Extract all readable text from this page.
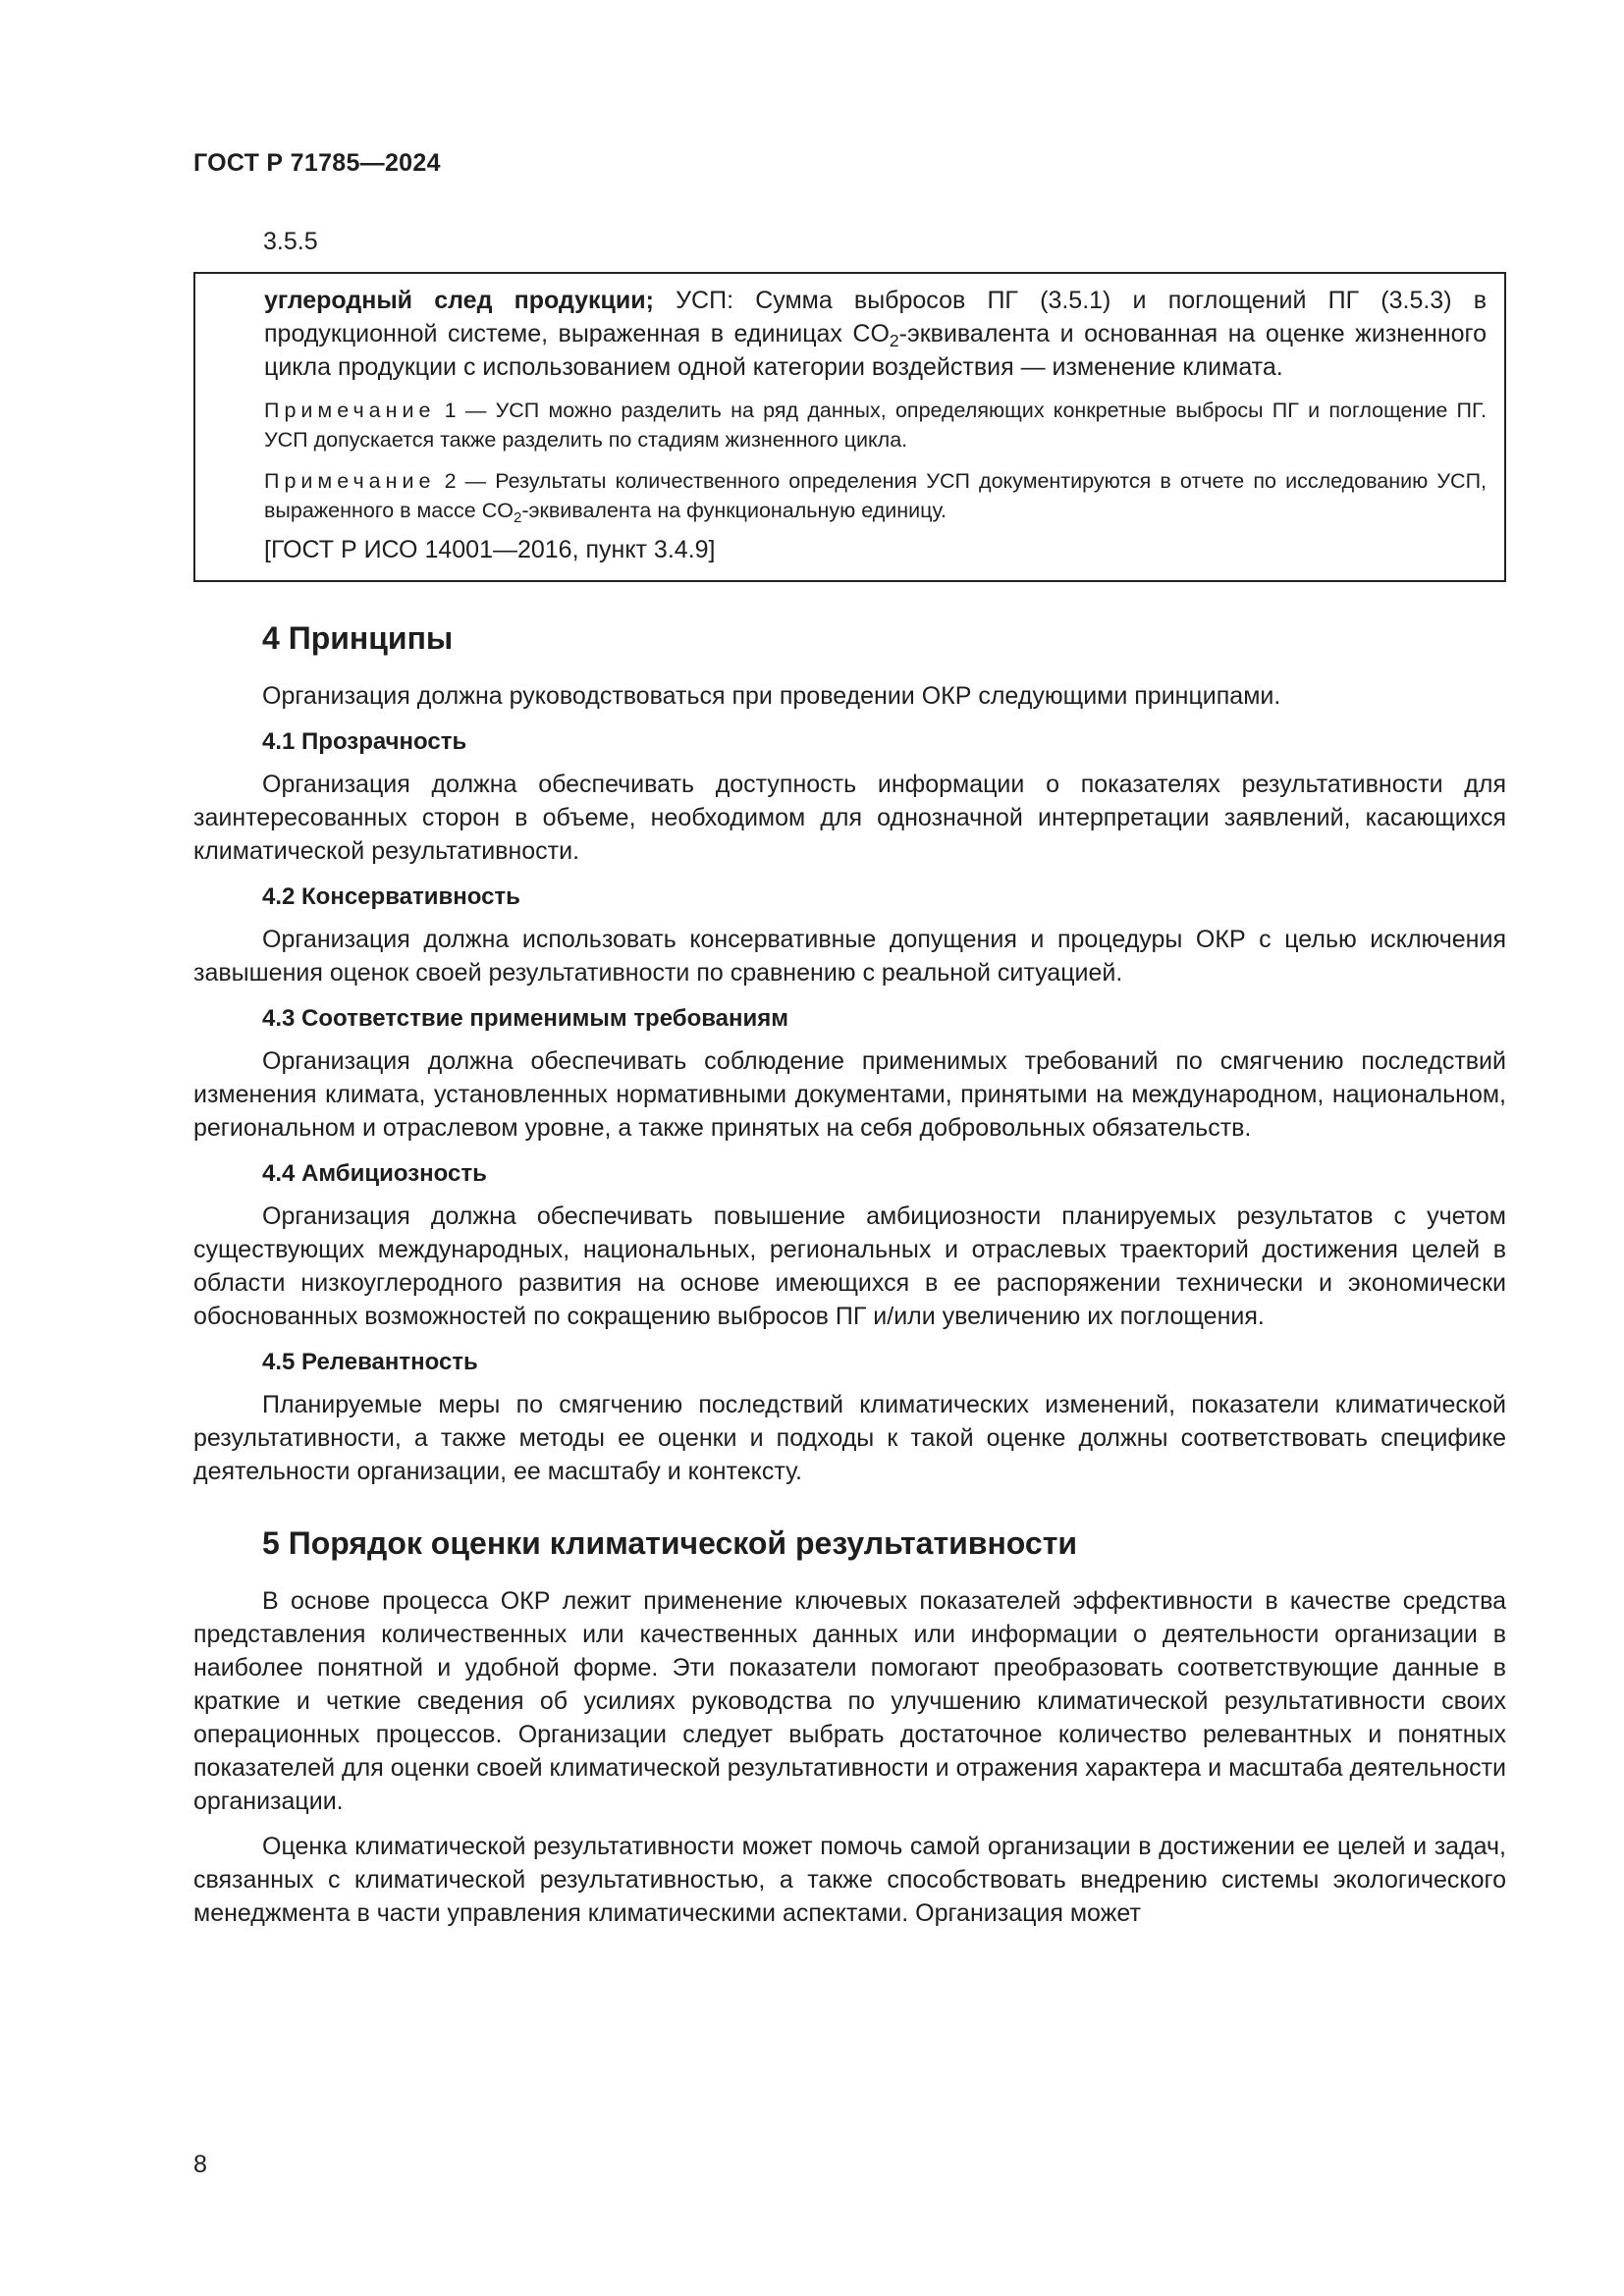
ГОСТ Р 71785—2024
3.5.5

углеродный след продукции; УСП: Сумма выбросов ПГ (3.5.1) и поглощений ПГ (3.5.3) в продукционной системе, выраженная в единицах $CO_2$-эквивалента и основанная на оценке жизненного цикла продукции с использованием одной категории воздействия — изменение климата.

Примечание 1 — УСП можно разделить на ряд данных, определяющих конкретные выбросы ПГ и поглощение ПГ. УСП допускается также разделить по стадиям жизненного цикла.

Примечание 2 — Результаты количественного определения УСП документируются в отчете по исследованию УСП, выраженного в массе $CO_2$-эквивалента на функциональную единицу.

[ГОСТ Р ИСО 14001—2016, пункт 3.4.9]

4 Принципы

Организация должна руководствоваться при проведении ОКР следующими принципами.

4.1 Прозрачность

Организация должна обеспечивать доступность информации о показателях результативности для заинтересованных сторон в объеме, необходимом для однозначной интерпретации заявлений, касающихся климатической результативности.

4.2 Консервативность

Организация должна использовать консервативные допущения и процедуры ОКР с целью исключения завышения оценок своей результативности по сравнению с реальной ситуацией.

4.3 Соответствие применимым требованиям

Организация должна обеспечивать соблюдение применимых требований по смягчению последствий изменения климата, установленных нормативными документами, принятыми на международном, национальном, региональном и отраслевом уровне, а также принятых на себя добровольных обязательств.

4.4 Амбициозность

Организация должна обеспечивать повышение амбициозности планируемых результатов с учетом существующих международных, национальных, региональных и отраслевых траекторий достижения целей в области низкоуглеродного развития на основе имеющихся в ее распоряжении технически и экономически обоснованных возможностей по сокращению выбросов ПГ и/или увеличению их поглощения.

4.5 Релевантность

Планируемые меры по смягчению последствий климатических изменений, показатели климатической результативности, а также методы ее оценки и подходы к такой оценке должны соответствовать специфике деятельности организации, ее масштабу и контексту.

5 Порядок оценки климатической результативности

В основе процесса ОКР лежит применение ключевых показателей эффективности в качестве средства представления количественных или качественных данных или информации о деятельности организации в наиболее понятной и удобной форме. Эти показатели помогают преобразовать соответствующие данные в краткие и четкие сведения об усилиях руководства по улучшению климатической результативности своих операционных процессов. Организации следует выбрать достаточное количество релевантных и понятных показателей для оценки своей климатической результативности и отражения характера и масштаба деятельности организации.

Оценка климатической результативности может помочь самой организации в достижении ее целей и задач, связанных с климатической результативностью, а также способствовать внедрению системы экологического менеджмента в части управления климатическими аспектами. Организация может

8
